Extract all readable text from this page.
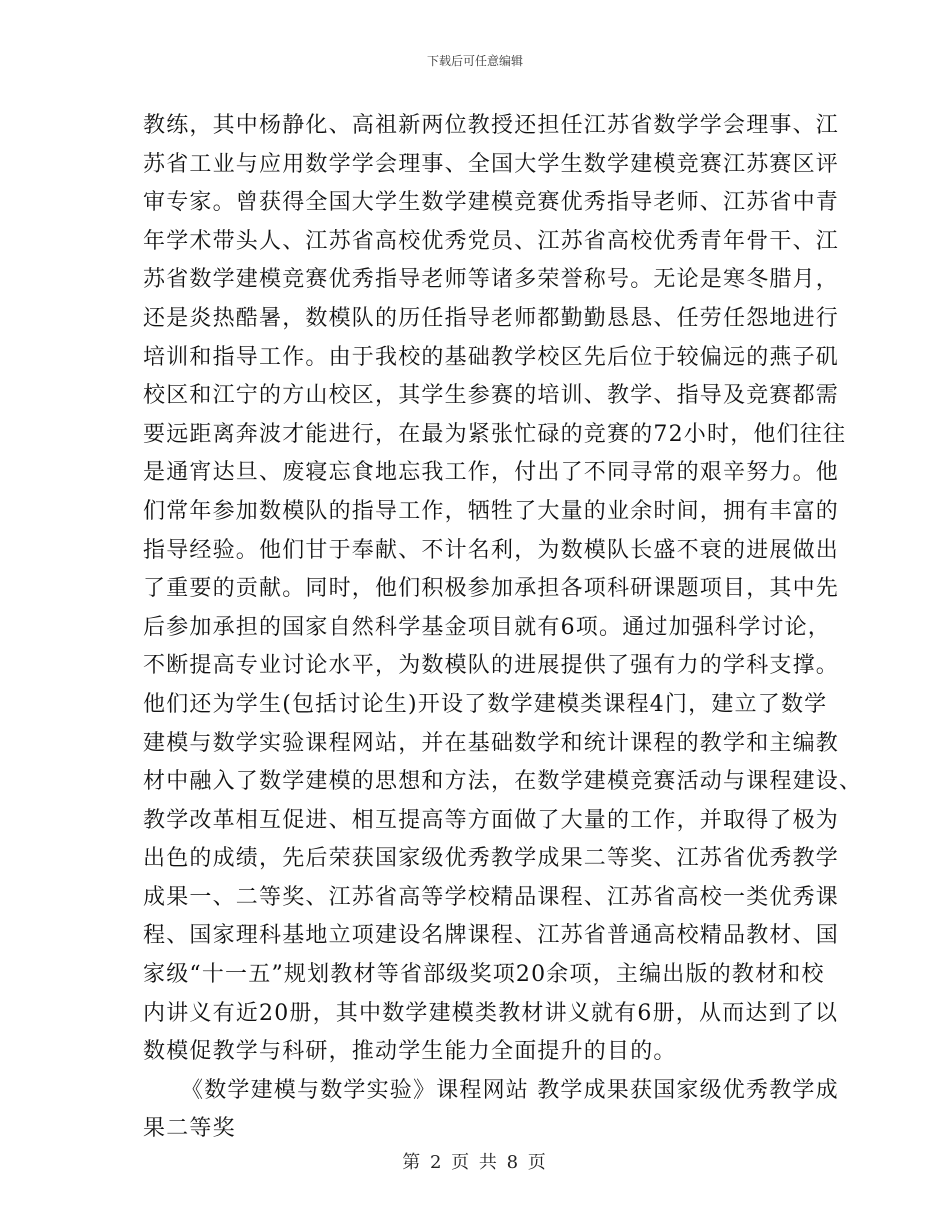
下载后可任意编辑
教练，其中杨静化、高祖新两位教授还担任江苏省数学学会理事、江
苏省工业与应用数学学会理事、全国大学生数学建模竞赛江苏赛区评
审专家。曾获得全国大学生数学建模竞赛优秀指导老师、江苏省中青
年学术带头人、江苏省高校优秀党员、江苏省高校优秀青年骨干、江
苏省数学建模竞赛优秀指导老师等诸多荣誉称号。无论是寒冬腊月，
还是炎热酷暑，数模队的历任指导老师都勤勤恳恳、任劳任怨地进行
培训和指导工作。由于我校的基础教学校区先后位于较偏远的燕子矶
校区和江宁的方山校区，其学生参赛的培训、教学、指导及竞赛都需
要远距离奔波才能进行，在最为紧张忙碌的竞赛的72小时，他们往往
是通宵达旦、废寝忘食地忘我工作，付出了不同寻常的艰辛努力。他
们常年参加数模队的指导工作，牺牲了大量的业余时间，拥有丰富的
指导经验。他们甘于奉献、不计名利，为数模队长盛不衰的进展做出
了重要的贡献。同时，他们积极参加承担各项科研课题项目，其中先
后参加承担的国家自然科学基金项目就有6项。通过加强科学讨论，
不断提高专业讨论水平，为数模队的进展提供了强有力的学科支撑。
他们还为学生(包括讨论生)开设了数学建模类课程4门，建立了数学
建模与数学实验课程网站，并在基础数学和统计课程的教学和主编教
材中融入了数学建模的思想和方法，在数学建模竞赛活动与课程建设、
教学改革相互促进、相互提高等方面做了大量的工作，并取得了极为
出色的成绩，先后荣获国家级优秀教学成果二等奖、江苏省优秀教学
成果一、二等奖、江苏省高等学校精品课程、江苏省高校一类优秀课
程、国家理科基地立项建设名牌课程、江苏省普通高校精品教材、国
家级“十一五”规划教材等省部级奖项20余项，主编出版的教材和校
内讲义有近20册，其中数学建模类教材讲义就有6册，从而达到了以
数模促教学与科研，推动学生能力全面提升的目的。
《数学建模与数学实验》课程网站 教学成果获国家级优秀教学成
果二等奖
第 2 页 共 8 页
